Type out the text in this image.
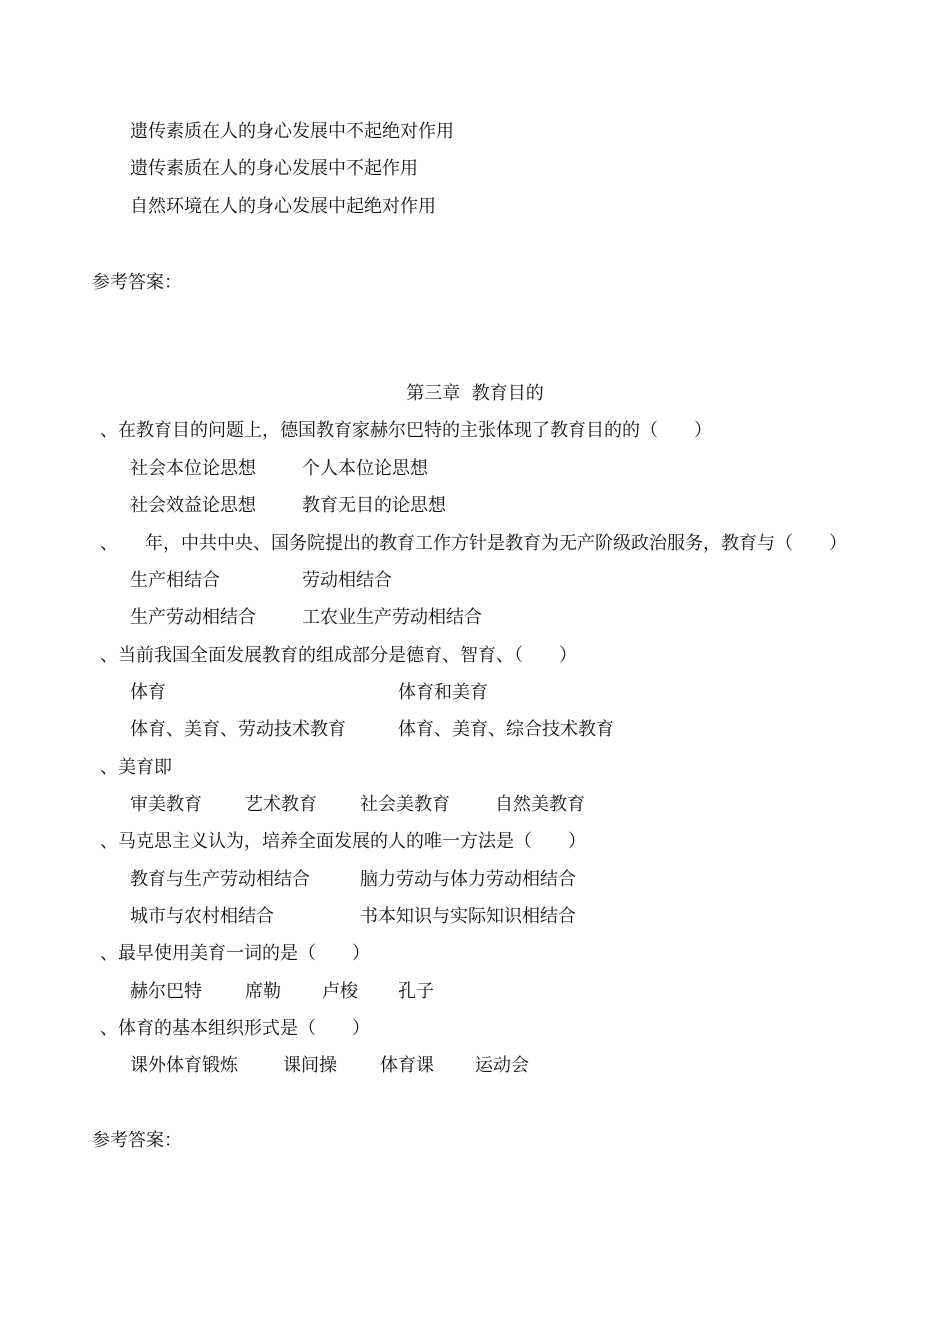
遗传素质在人的身心发展中不起绝对作用
遗传素质在人的身心发展中不起作用
自然环境在人的身心发展中起绝对作用
参考答案：
第三章  教育目的
、在教育目的问题上，德国教育家赫尔巴特的主张体现了教育目的的（　　）
社会本位论思想	个人本位论思想
社会效益论思想	教育无目的论思想
、　　年，中共中央、国务院提出的教育工作方针是教育为无产阶级政治服务，教育与（　　）
生产相结合	劳动相结合
生产劳动相结合	工农业生产劳动相结合
、当前我国全面发展教育的组成部分是德育、智育、（　　）
体育	体育和美育
体育、美育、劳动技术教育	体育、美育、综合技术教育
、美育即
审美教育 艺术教育 社会美教育	自然美教育
、马克思主义认为，培养全面发展的人的唯一方法是（　　）
教育与生产劳动相结合	脑力劳动与体力劳动相结合
城市与农村相结合	书本知识与实际知识相结合
、最早使用美育一词的是（　　）
赫尔巴特 席勒 卢梭 孔子
、体育的基本组织形式是（　　）
课外体育锻炼	课间操 体育课 运动会
参考答案：
